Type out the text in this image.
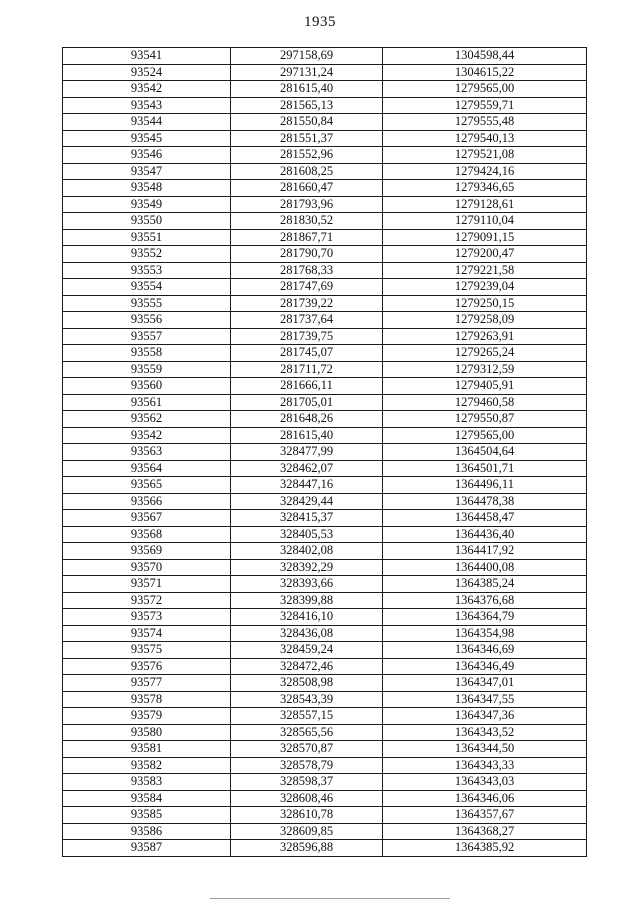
1935
93541	297158,69	1304598,44
93524	297131,24	1304615,22
93542	281615,40	1279565,00
93543	281565,13	1279559,71
93544	281550,84	1279555,48
93545	281551,37	1279540,13
93546	281552,96	1279521,08
93547	281608,25	1279424,16
93548	281660,47	1279346,65
93549	281793,96	1279128,61
93550	281830,52	1279110,04
93551	281867,71	1279091,15
93552	281790,70	1279200,47
93553	281768,33	1279221,58
93554	281747,69	1279239,04
93555	281739,22	1279250,15
93556	281737,64	1279258,09
93557	281739,75	1279263,91
93558	281745,07	1279265,24
93559	281711,72	1279312,59
93560	281666,11	1279405,91
93561	281705,01	1279460,58
93562	281648,26	1279550,87
93542	281615,40	1279565,00
93563	328477,99	1364504,64
93564	328462,07	1364501,71
93565	328447,16	1364496,11
93566	328429,44	1364478,38
93567	328415,37	1364458,47
93568	328405,53	1364436,40
93569	328402,08	1364417,92
93570	328392,29	1364400,08
93571	328393,66	1364385,24
93572	328399,88	1364376,68
93573	328416,10	1364364,79
93574	328436,08	1364354,98
93575	328459,24	1364346,69
93576	328472,46	1364346,49
93577	328508,98	1364347,01
93578	328543,39	1364347,55
93579	328557,15	1364347,36
93580	328565,56	1364343,52
93581	328570,87	1364344,50
93582	328578,79	1364343,33
93583	328598,37	1364343,03
93584	328608,46	1364346,06
93585	328610,78	1364357,67
93586	328609,85	1364368,27
93587	328596,88	1364385,92
